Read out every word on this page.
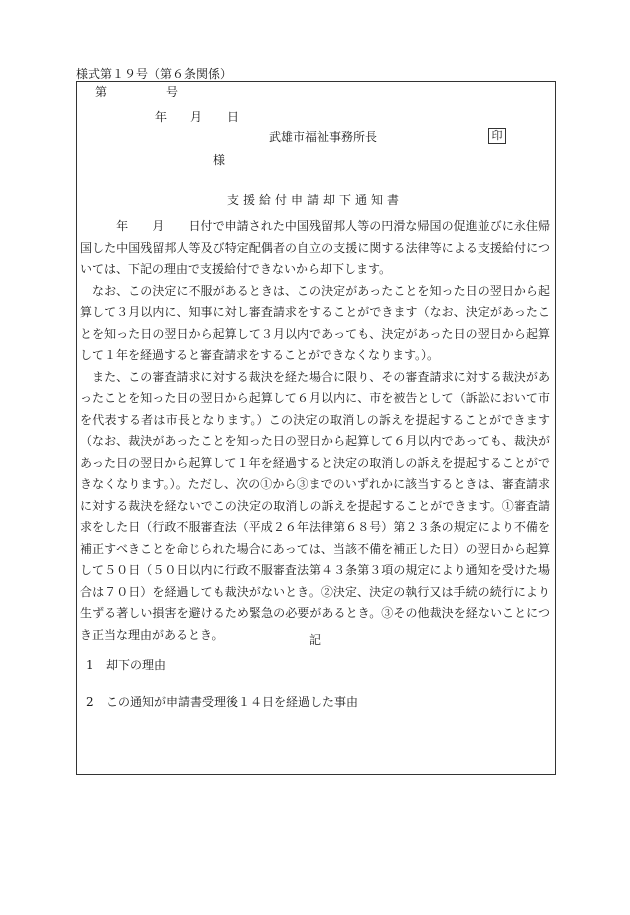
様式第１９号（第６条関係）
第	号
年 月 日
武雄市福祉事務所長	印
様
支援給付申請却下通知書

　　　年　　月　　日付で申請された中国残留邦人等の円滑な帰国の促進並びに永住帰国した中国残留邦人等及び特定配偶者の自立の支援に関する法律等による支援給付については、下記の理由で支援給付できないから却下します。

　なお、この決定に不服があるときは、この決定があったことを知った日の翌日から起算して３月以内に、知事に対し審査請求をすることができます（なお、決定があったことを知った日の翌日から起算して３月以内であっても、決定があった日の翌日から起算して１年を経過すると審査請求をすることができなくなります。）。

　また、この審査請求に対する裁決を経た場合に限り、その審査請求に対する裁決があったことを知った日の翌日から起算して６月以内に、市を被告として（訴訟において市を代表する者は市長となります。）この決定の取消しの訴えを提起することができます（なお、裁決があったことを知った日の翌日から起算して６月以内であっても、裁決があった日の翌日から起算して１年を経過すると決定の取消しの訴えを提起することができなくなります。）。ただし、次の①から③までのいずれかに該当するときは、審査請求に対する裁決を経ないでこの決定の取消しの訴えを提起することができます。①審査請求をした日（行政不服審査法（平成２６年法律第６８号）第２３条の規定により不備を補正すべきことを命じられた場合にあっては、当該不備を補正した日）の翌日から起算して５０日（５０日以内に行政不服審査法第４３条第３項の規定により通知を受けた場合は７０日）を経過しても裁決がないとき。②決定、決定の執行又は手続の続行により生ずる著しい損害を避けるため緊急の必要があるとき。③その他裁決を経ないことにつき正当な理由があるとき。	記
1 却下の理由
2 この通知が申請書受理後１４日を経過した事由
